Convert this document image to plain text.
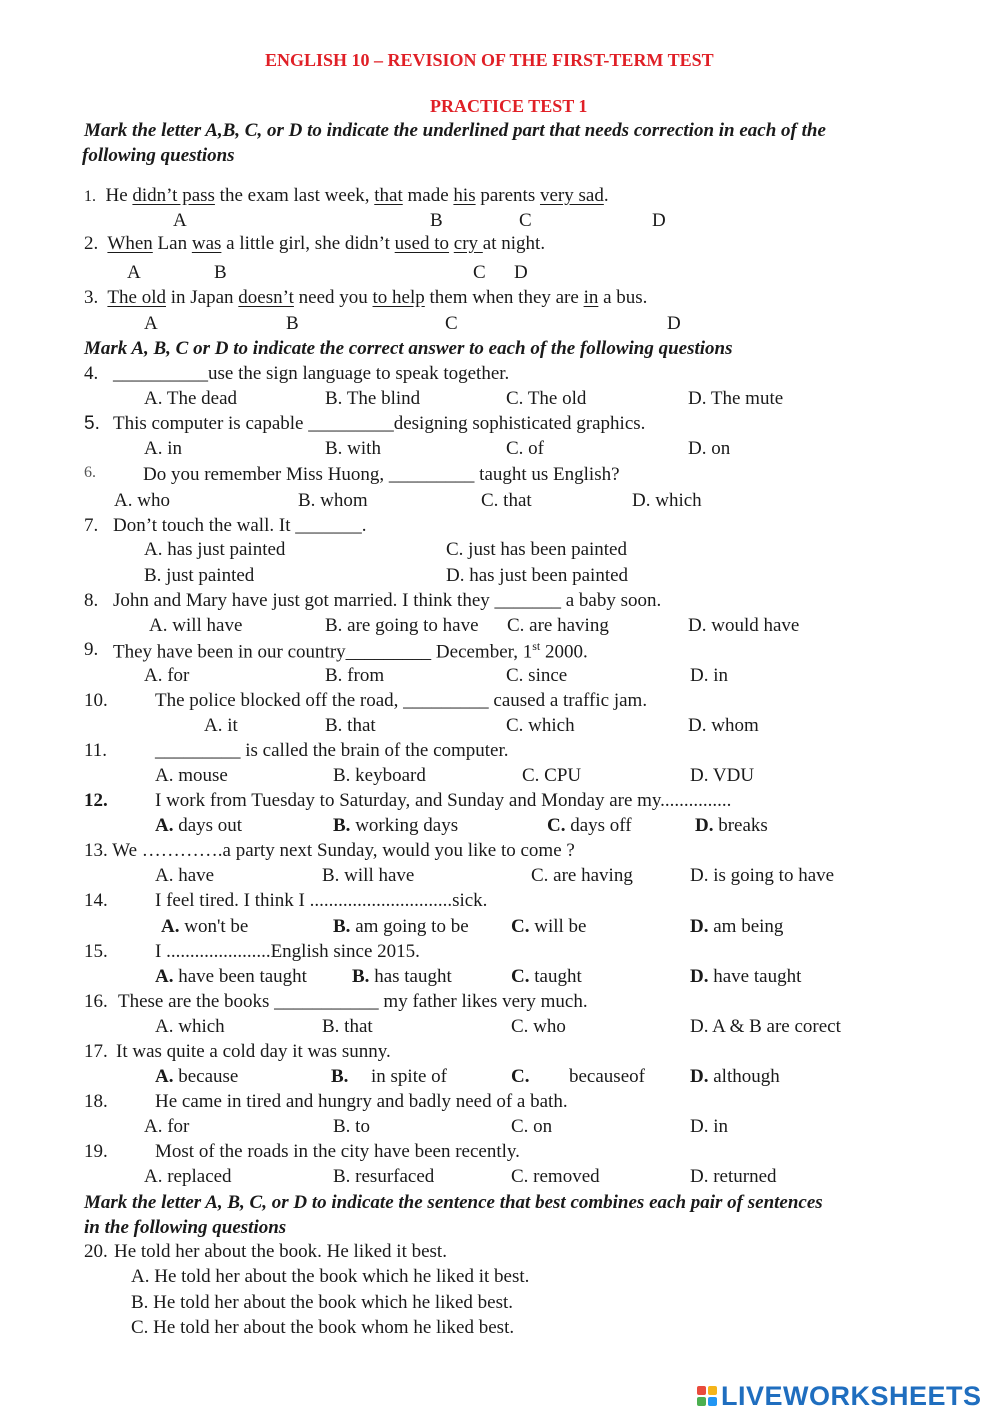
ENGLISH 10 – REVISION OF THE FIRST-TERM TEST
PRACTICE TEST 1
Mark the letter A,B, C, or D to indicate the underlined part that needs correction in each of the
following questions
1. He didn’t pass the exam last week, that made his parents very sad.
A	B	C	D
2. When Lan was a little girl, she didn’t used to cry at night.
A	B	C D
3. The old in Japan doesn’t need you to help them when they are in a bus.
A	B	C	D
Mark A, B, C or D to indicate the correct answer to each of the following questions
4. __________use the sign language to speak together.
A. The dead	B. The blind	C. The old	D. The mute
5. This computer is capable _________designing sophisticated graphics.
A. in	B. with	C. of	D. on
6. Do you remember Miss Huong, _________ taught us English?
A. who	B. whom	C. that	D. which
7. Don’t touch the wall. It _______.
A. has just painted	C. just has been painted
B. just painted	D. has just been painted
8. John and Mary have just got married. I think they _______ a baby soon.
A. will have	B. are going to have C. are having	D. would have
9. They have been in our country_________ December, 1st 2000.
A. for	B. from	C. since	D. in
10. The police blocked off the road, _________ caused a traffic jam.
A. it	B. that	C. which	D. whom
11.	_________ is called the brain of the computer.
A. mouse	B. keyboard	C. CPU	D. VDU
12. I work from Tuesday to Saturday, and Sunday and Monday are my...............
A. days out	B. working days	C. days off	D. breaks
13. We ………….a party next Sunday, would you like to come ?
A. have	B. will have	C. are having	D. is going to have
14. I feel tired. I think I ..............................sick.
A. won't be	B. am going to be C. will be	D. am being
15. I ......................English since 2015.
A. have been taught B. has taught	C. taught	D. have taught
16. These are the books ___________ my father likes very much.
A. which	B. that	C. who	D. A & B are corect
17. It was quite a cold day it was sunny.
A. because	B. in spite of	C. becauseof D. although
18. He came in tired and hungry and badly need of a bath.
A. for	B. to	C. on	D. in
19. Most of the roads in the city have been recently.
A. replaced	B. resurfaced	C. removed	D. returned
Mark the letter A, B, C, or D to indicate the sentence that best combines each pair of sentences
in the following questions
20. He told her about the book. He liked it best.
A. He told her about the book which he liked it best.
B. He told her about the book which he liked best.
C. He told her about the book whom he liked best.
LIVEWORKSHEETS
